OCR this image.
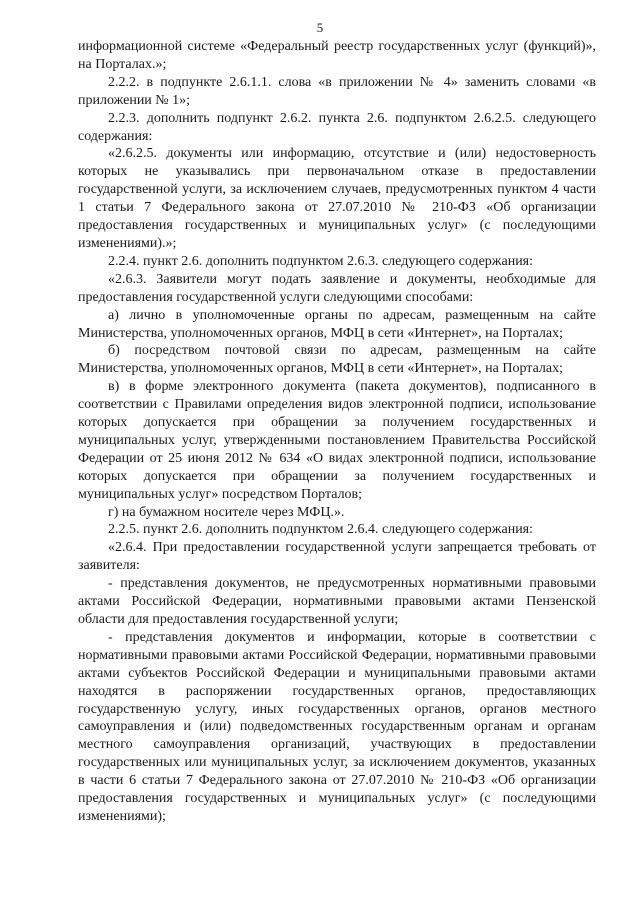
5

информационной системе «Федеральный реестр государственных услуг (функций)», на Порталах.»;

2.2.2. в подпункте 2.6.1.1. слова «в приложении № 4» заменить словами «в приложении № 1»;

2.2.3. дополнить подпункт 2.6.2. пункта 2.6. подпунктом 2.6.2.5. следующего содержания:

«2.6.2.5. документы или информацию, отсутствие и (или) недостоверность которых не указывались при первоначальном отказе в предоставлении государственной услуги, за исключением случаев, предусмотренных пунктом 4 части 1 статьи 7 Федерального закона от 27.07.2010 № 210-ФЗ «Об организации предоставления государственных и муниципальных услуг» (с последующими изменениями).»;

2.2.4. пункт 2.6. дополнить подпунктом 2.6.3. следующего содержания:

«2.6.3. Заявители могут подать заявление и документы, необходимые для предоставления государственной услуги следующими способами:

а) лично в уполномоченные органы по адресам, размещенным на сайте Министерства, уполномоченных органов, МФЦ в сети «Интернет», на Порталах;

б) посредством почтовой связи по адресам, размещенным на сайте Министерства, уполномоченных органов, МФЦ в сети «Интернет», на Порталах;

в) в форме электронного документа (пакета документов), подписанного в соответствии с Правилами определения видов электронной подписи, использование которых допускается при обращении за получением государственных и муниципальных услуг, утвержденными постановлением Правительства Российской Федерации от 25 июня 2012 № 634 «О видах электронной подписи, использование которых допускается при обращении за получением государственных и муниципальных услуг» посредством Порталов;

г) на бумажном носителе через МФЦ.».

2.2.5. пункт 2.6. дополнить подпунктом 2.6.4. следующего содержания:

«2.6.4. При предоставлении государственной услуги запрещается требовать от заявителя:

- представления документов, не предусмотренных нормативными правовыми актами Российской Федерации, нормативными правовыми актами Пензенской области для предоставления государственной услуги;

- представления документов и информации, которые в соответствии с нормативными правовыми актами Российской Федерации, нормативными правовыми актами субъектов Российской Федерации и муниципальными правовыми актами находятся в распоряжении государственных органов, предоставляющих государственную услугу, иных государственных органов, органов местного самоуправления и (или) подведомственных государственным органам и органам местного самоуправления организаций, участвующих в предоставлении государственных или муниципальных услуг, за исключением документов, указанных в части 6 статьи 7 Федерального закона от 27.07.2010 № 210-ФЗ «Об организации предоставления государственных и муниципальных услуг» (с последующими изменениями);
